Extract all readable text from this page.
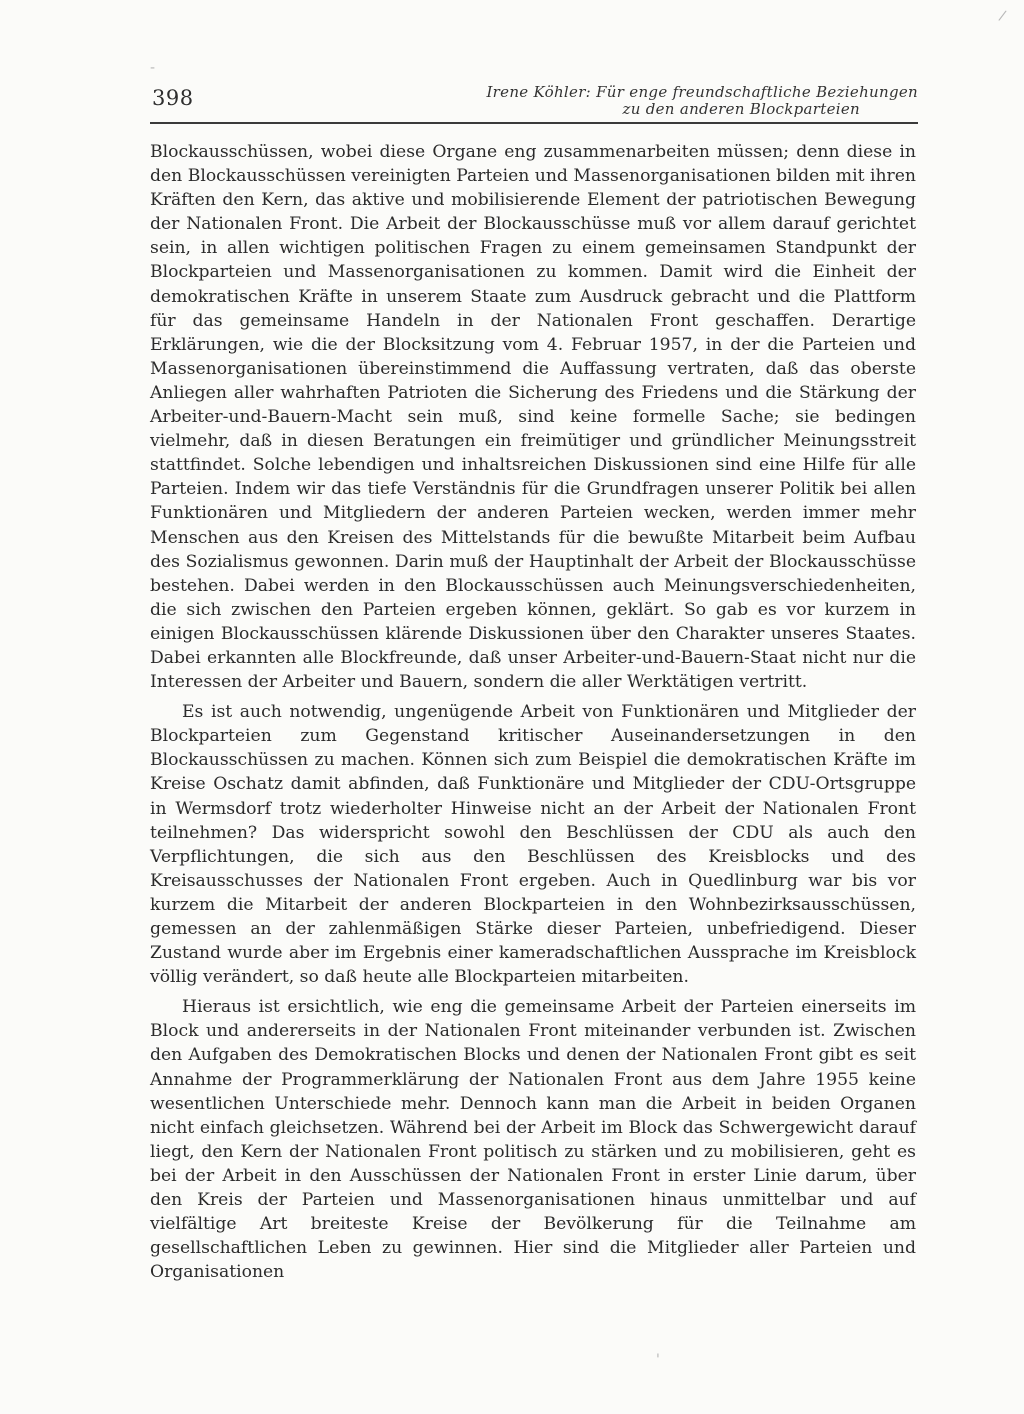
-
/
'
398	Irene Köhler: Für enge freundschaftliche Beziehungen

zu den anderen Blockparteien

Blockausschüssen, wobei diese Organe eng zusammenarbeiten müssen; denn diese in den Blockausschüssen vereinigten Parteien und Massenorganisationen bilden mit ihren Kräften den Kern, das aktive und mobilisierende Element der patriotischen Bewegung der Nationalen Front. Die Arbeit der Blockausschüsse muß vor allem darauf gerichtet sein, in allen wichtigen politischen Fragen zu einem gemeinsamen Standpunkt der Blockparteien und Massenorganisationen zu kommen. Damit wird die Einheit der demokratischen Kräfte in unserem Staate zum Ausdruck gebracht und die Plattform für das gemeinsame Handeln in der Nationalen Front geschaffen. Derartige Erklärungen, wie die der Blocksitzung vom 4. Februar 1957, in der die Parteien und Massenorganisationen übereinstimmend die Auffassung vertraten, daß das oberste Anliegen aller wahrhaften Patrioten die Sicherung des Friedens und die Stärkung der Arbeiter-und-Bauern-Macht sein muß, sind keine formelle Sache; sie bedingen vielmehr, daß in diesen Beratungen ein freimütiger und gründlicher Meinungsstreit stattfindet. Solche lebendigen und inhaltsreichen Diskussionen sind eine Hilfe für alle Parteien. Indem wir das tiefe Verständnis für die Grundfragen unserer Politik bei allen Funktionären und Mitgliedern der anderen Parteien wecken, werden immer mehr Menschen aus den Kreisen des Mittelstands für die bewußte Mitarbeit beim Aufbau des Sozialismus gewonnen. Darin muß der Hauptinhalt der Arbeit der Blockausschüsse bestehen. Dabei werden in den Blockausschüssen auch Meinungsverschiedenheiten, die sich zwischen den Parteien ergeben können, geklärt. So gab es vor kurzem in einigen Blockausschüssen klärende Diskussionen über den Charakter unseres Staates. Dabei erkannten alle Blockfreunde, daß unser Arbeiter-und-Bauern-Staat nicht nur die Interessen der Arbeiter und Bauern, sondern die aller Werktätigen vertritt.

Es ist auch notwendig, ungenügende Arbeit von Funktionären und Mitglieder der Blockparteien zum Gegenstand kritischer Auseinandersetzungen in den Blockausschüssen zu machen. Können sich zum Beispiel die demokratischen Kräfte im Kreise Oschatz damit abfinden, daß Funktionäre und Mitglieder der CDU-Ortsgruppe in Wermsdorf trotz wiederholter Hinweise nicht an der Arbeit der Nationalen Front teilnehmen? Das widerspricht sowohl den Beschlüssen der CDU als auch den Verpflichtungen, die sich aus den Beschlüssen des Kreisblocks und des Kreisausschusses der Nationalen Front ergeben. Auch in Quedlinburg war bis vor kurzem die Mitarbeit der anderen Blockparteien in den Wohnbezirksausschüssen, gemessen an der zahlenmäßigen Stärke dieser Parteien, unbefriedigend. Dieser Zustand wurde aber im Ergebnis einer kameradschaftlichen Aussprache im Kreisblock völlig verändert, so daß heute alle Blockparteien mitarbeiten.

Hieraus ist ersichtlich, wie eng die gemeinsame Arbeit der Parteien einerseits im Block und andererseits in der Nationalen Front miteinander verbunden ist. Zwischen den Aufgaben des Demokratischen Blocks und denen der Nationalen Front gibt es seit Annahme der Programmerklärung der Nationalen Front aus dem Jahre 1955 keine wesentlichen Unterschiede mehr. Dennoch kann man die Arbeit in beiden Organen nicht einfach gleichsetzen. Während bei der Arbeit im Block das Schwergewicht darauf liegt, den Kern der Nationalen Front politisch zu stärken und zu mobilisieren, geht es bei der Arbeit in den Ausschüssen der Nationalen Front in erster Linie darum, über den Kreis der Parteien und Massenorganisationen hinaus unmittelbar und auf vielfältige Art breiteste Kreise der Bevölkerung für die Teilnahme am gesellschaftlichen Leben zu gewinnen. Hier sind die Mitglieder aller Parteien und Organisationen
